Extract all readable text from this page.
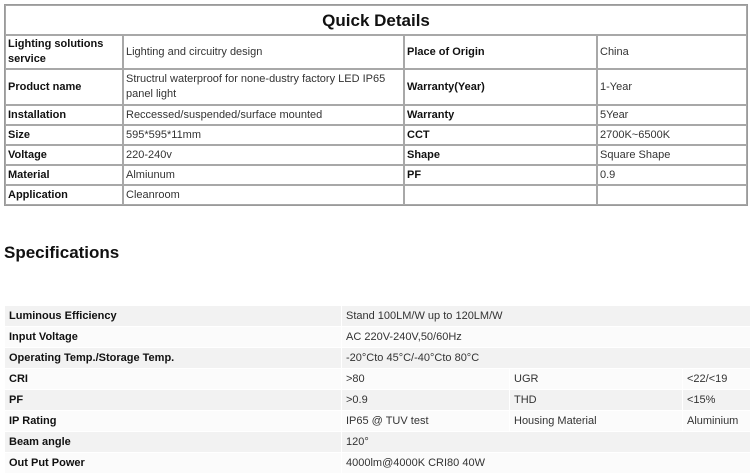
Quick Details			
Lighting solutions service	Lighting and circuitry design	Place of Origin	China
Product name	Structrul waterproof for none-dustry factory LED IP65 panel light	Warranty(Year)	1-Year
Installation	Reccessed/suspended/surface mounted	Warranty	5Year
Size	595*595*11mm	CCT	2700K~6500K
Voltage	220-240v	Shape	Square Shape
Material	Almiunum	PF	0.9
Application	Cleanroom		
Specifications
Luminous Efficiency	Stand 100LM/W up to 120LM/W		
Input Voltage	AC 220V-240V,50/60Hz		
Operating Temp./Storage Temp.	-20°Cto 45°C/-40°Cto 80°C		
CRI	>80	UGR	<22/<19
PF	>0.9	THD	<15%
IP Rating	IP65 @ TUV test	Housing Material	Aluminium
Beam angle	120°		
Out Put Power	4000lm@4000K CRI80 40W		
